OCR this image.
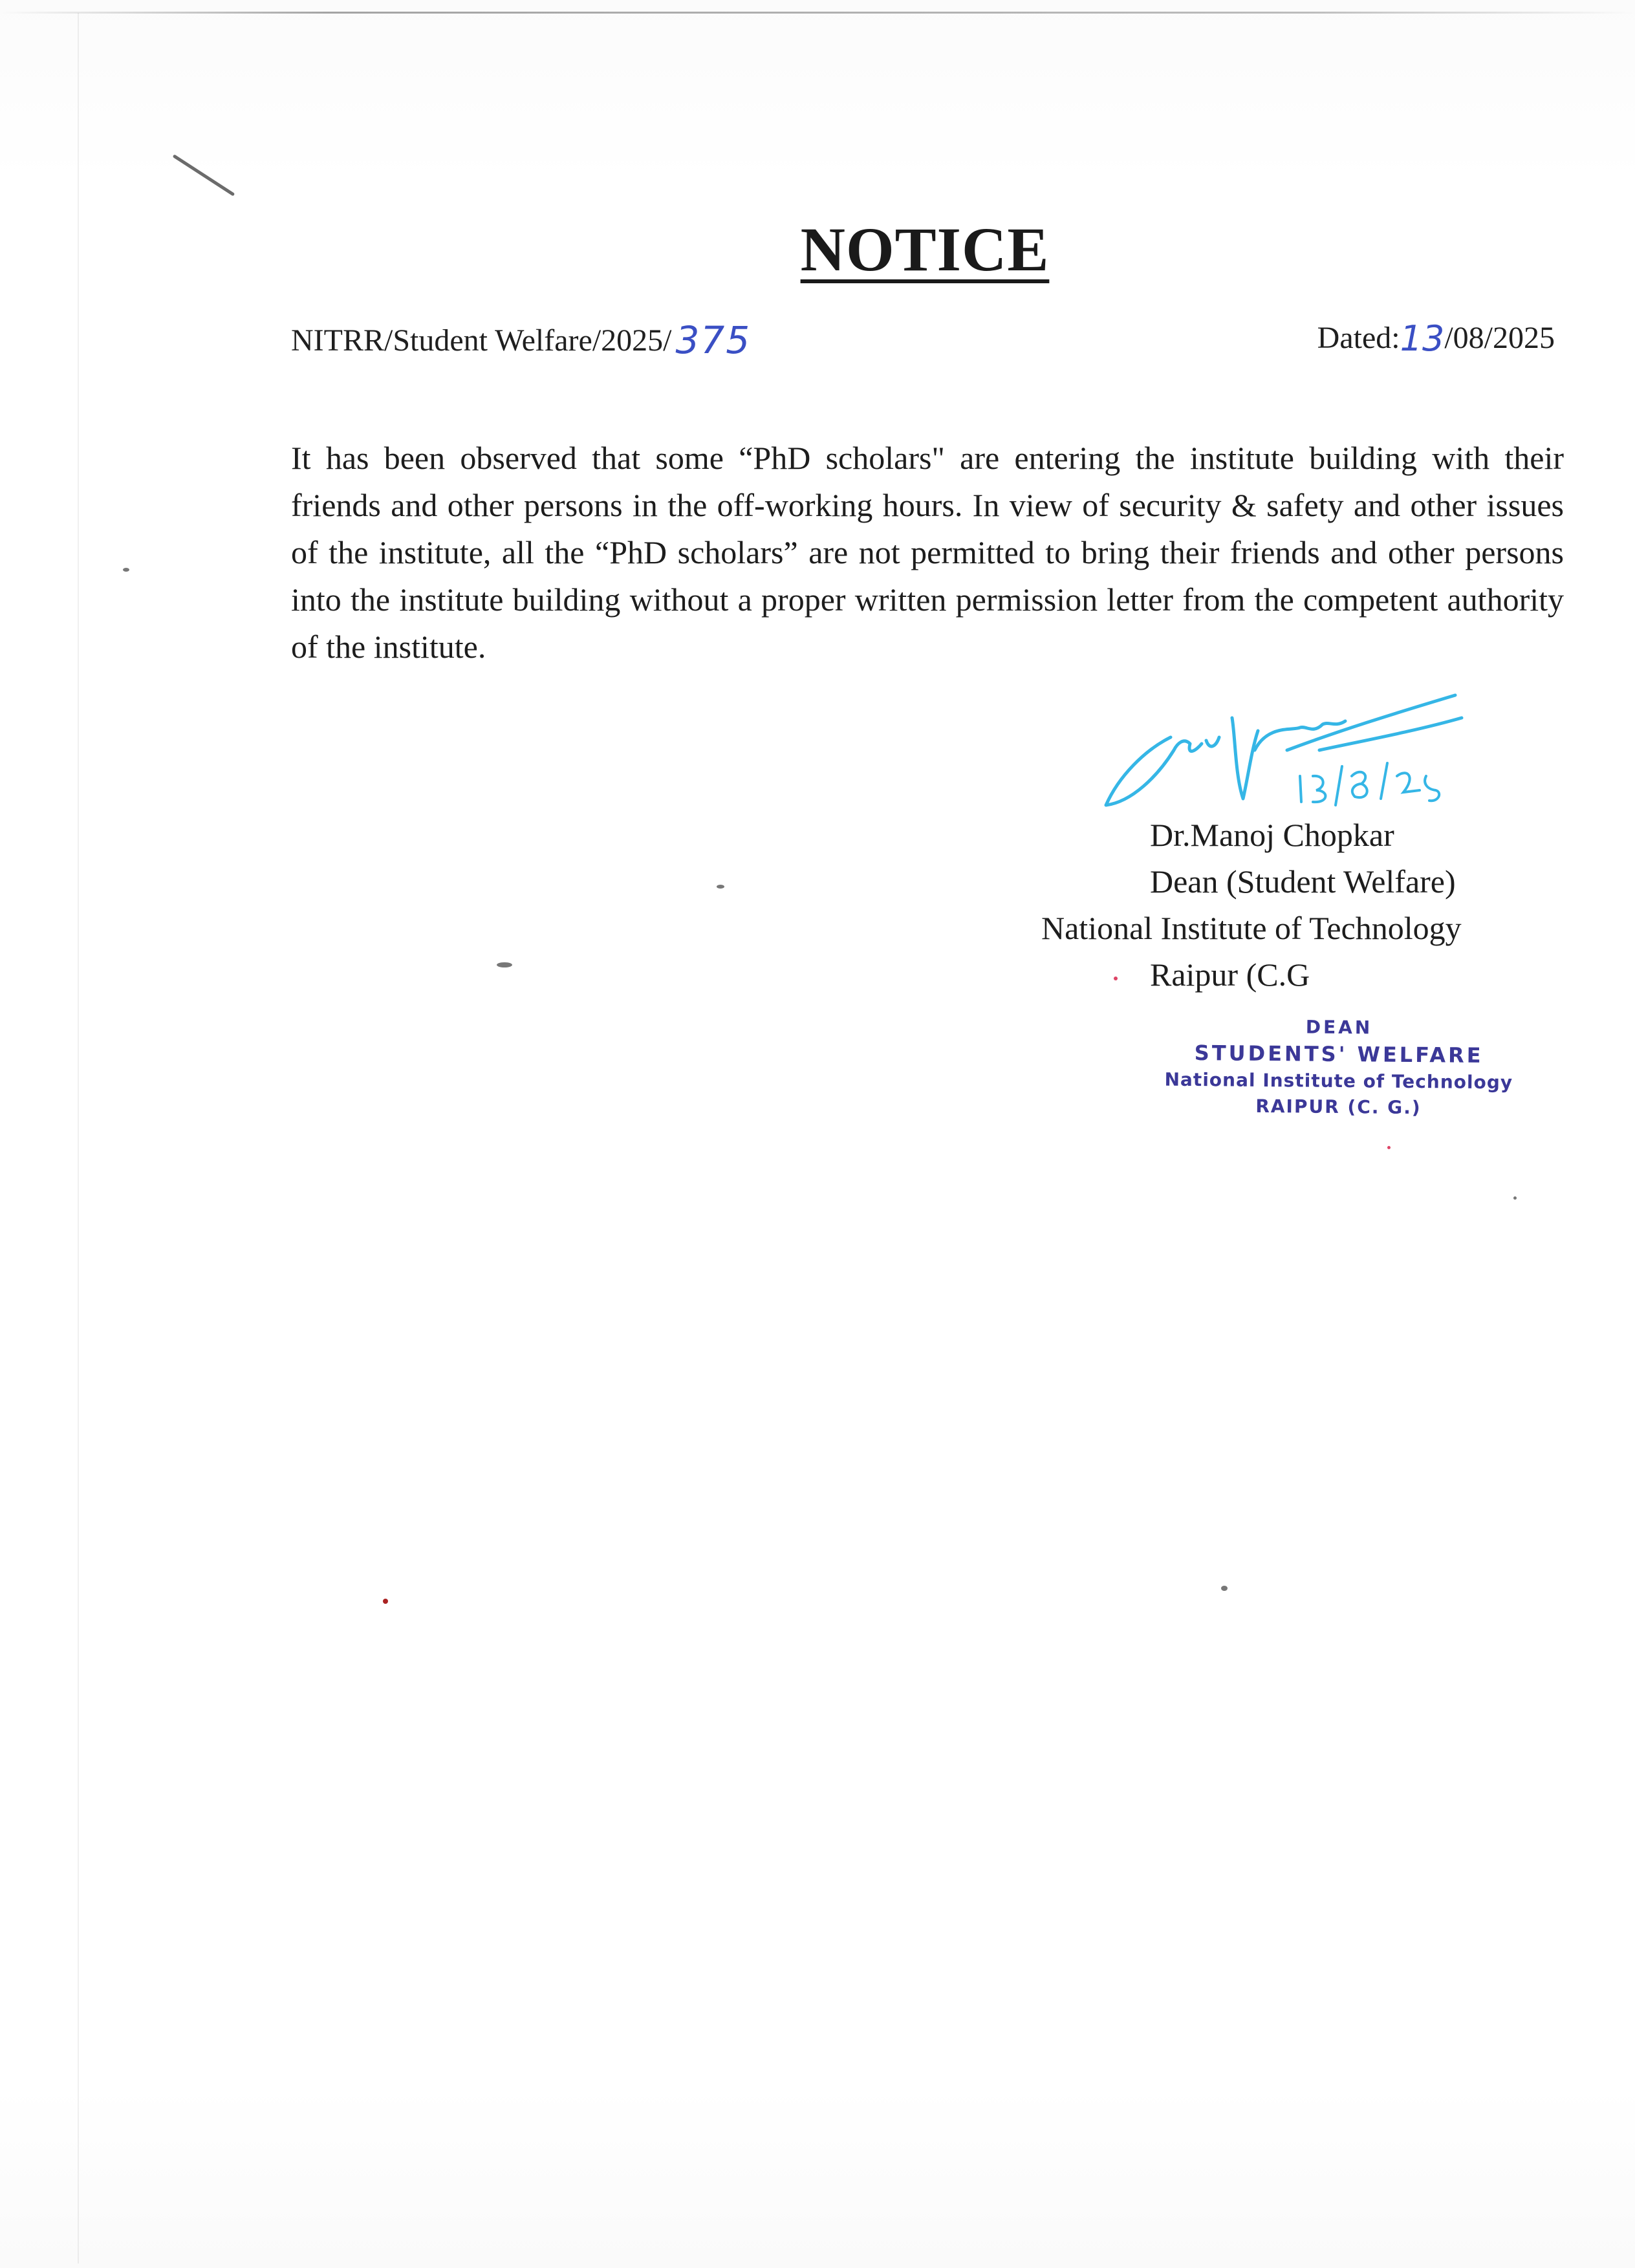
NOTICE
NITRR/Student Welfare/2025/ 375	Dated:13/08/2025
It has been observed that some “PhD scholars" are entering the institute building with their friends and other persons in the off-working hours. In view of security & safety and other issues of the institute, all the “PhD scholars” are not permitted to bring their friends and other persons into the institute building without a proper written permission letter from the competent authority of the institute.
Dr.Manoj Chopkar
Dean (Student Welfare)
National Institute of Technology
Raipur (C.G
DEAN
STUDENTS' WELFARE
National Institute of Technology
RAIPUR (C. G.)
